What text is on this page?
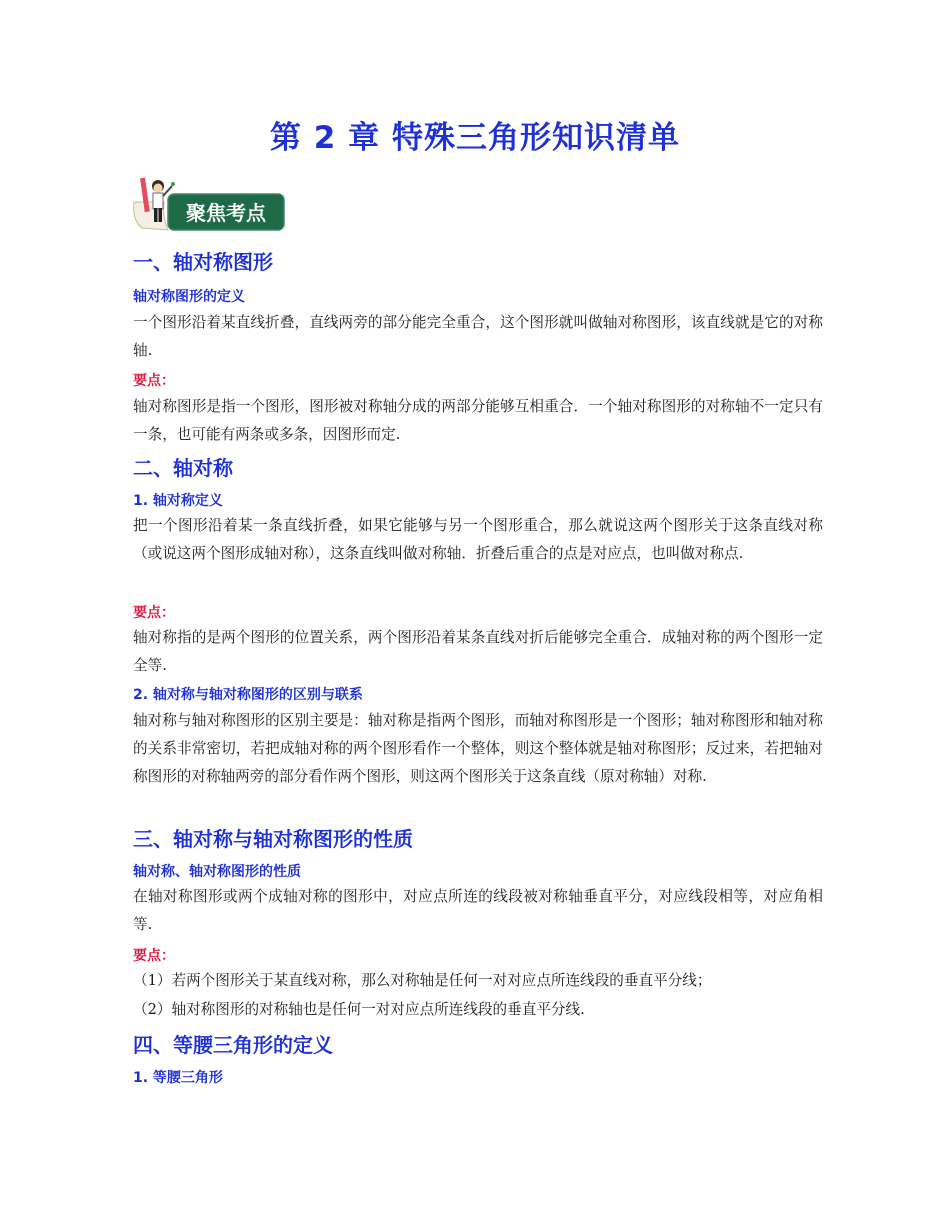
第 2 章 特殊三角形知识清单
聚焦考点
一、轴对称图形
轴对称图形的定义
一个图形沿着某直线折叠，直线两旁的部分能完全重合，这个图形就叫做轴对称图形，该直线就是它的对称轴.
要点：
轴对称图形是指一个图形，图形被对称轴分成的两部分能够互相重合．一个轴对称图形的对称轴不一定只有一条，也可能有两条或多条，因图形而定.
二、轴对称
1. 轴对称定义
把一个图形沿着某一条直线折叠，如果它能够与另一个图形重合，那么就说这两个图形关于这条直线对称（或说这两个图形成轴对称），这条直线叫做对称轴．折叠后重合的点是对应点，也叫做对称点.
要点：
轴对称指的是两个图形的位置关系，两个图形沿着某条直线对折后能够完全重合．成轴对称的两个图形一定全等.
2. 轴对称与轴对称图形的区别与联系
轴对称与轴对称图形的区别主要是：轴对称是指两个图形，而轴对称图形是一个图形；轴对称图形和轴对称的关系非常密切，若把成轴对称的两个图形看作一个整体，则这个整体就是轴对称图形；反过来，若把轴对称图形的对称轴两旁的部分看作两个图形，则这两个图形关于这条直线（原对称轴）对称.
三、轴对称与轴对称图形的性质
轴对称、轴对称图形的性质
在轴对称图形或两个成轴对称的图形中，对应点所连的线段被对称轴垂直平分，对应线段相等，对应角相等.
要点：
（1）若两个图形关于某直线对称，那么对称轴是任何一对对应点所连线段的垂直平分线；
（2）轴对称图形的对称轴也是任何一对对应点所连线段的垂直平分线.
四、等腰三角形的定义
1. 等腰三角形
